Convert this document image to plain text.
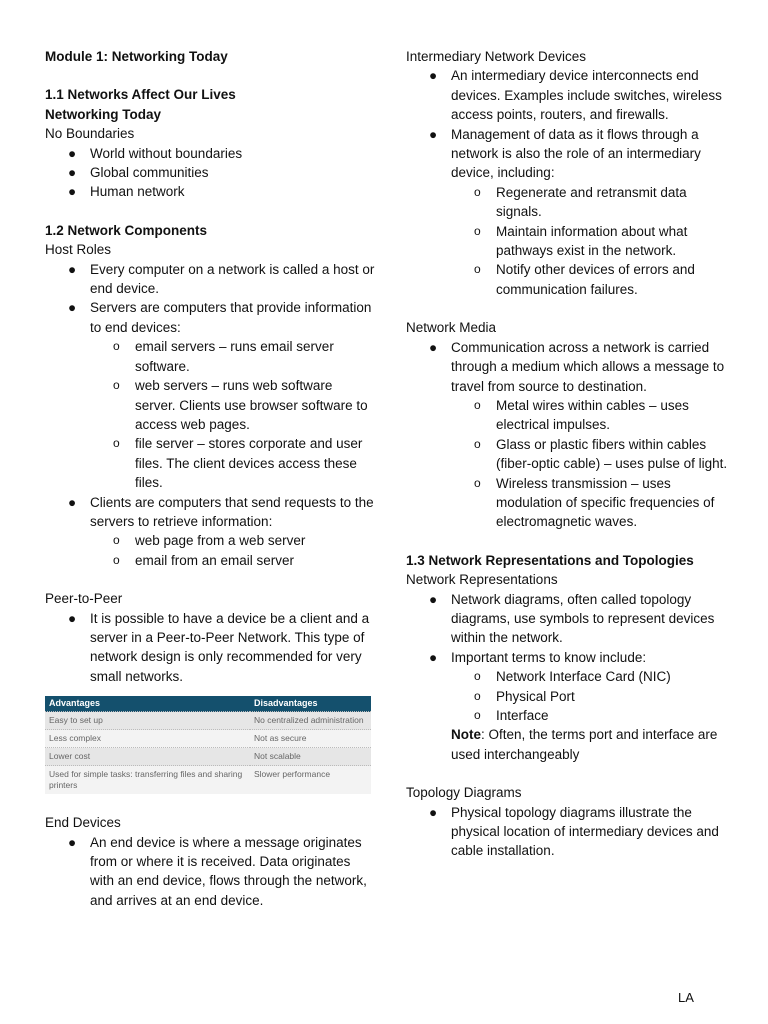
Module 1: Networking Today
1.1 Networks Affect Our Lives
Networking Today
No Boundaries
● World without boundaries
● Global communities
● Human network
1.2 Network Components
Host Roles
● Every computer on a network is called a host or end device.
● Servers are computers that provide information to end devices:
o email servers – runs email server software.
o web servers – runs web software server. Clients use browser software to access web pages.
o file server – stores corporate and user files. The client devices access these files.
● Clients are computers that send requests to the servers to retrieve information:
o web page from a web server
o email from an email server
Peer-to-Peer
● It is possible to have a device be a client and a server in a Peer-to-Peer Network. This type of network design is only recommended for very small networks.
Advantages	Disadvantages
Easy to set up	No centralized administration
Less complex	Not as secure
Lower cost	Not scalable
Used for simple tasks: transferring files and sharing printers	Slower performance
End Devices
● An end device is where a message originates from or where it is received. Data originates with an end device, flows through the network, and arrives at an end device.
Intermediary Network Devices
● An intermediary device interconnects end devices. Examples include switches, wireless access points, routers, and firewalls.
● Management of data as it flows through a network is also the role of an intermediary device, including:
o Regenerate and retransmit data signals.
o Maintain information about what pathways exist in the network.
o Notify other devices of errors and communication failures.
Network Media
● Communication across a network is carried through a medium which allows a message to travel from source to destination.
o Metal wires within cables – uses electrical impulses.
o Glass or plastic fibers within cables (fiber-optic cable) – uses pulse of light.
o Wireless transmission – uses modulation of specific frequencies of electromagnetic waves.
1.3 Network Representations and Topologies
Network Representations
● Network diagrams, often called topology diagrams, use symbols to represent devices within the network.
● Important terms to know include:
o Network Interface Card (NIC)
o Physical Port
o Interface
Note: Often, the terms port and interface are used interchangeably
Topology Diagrams
● Physical topology diagrams illustrate the physical location of intermediary devices and cable installation.
LA
